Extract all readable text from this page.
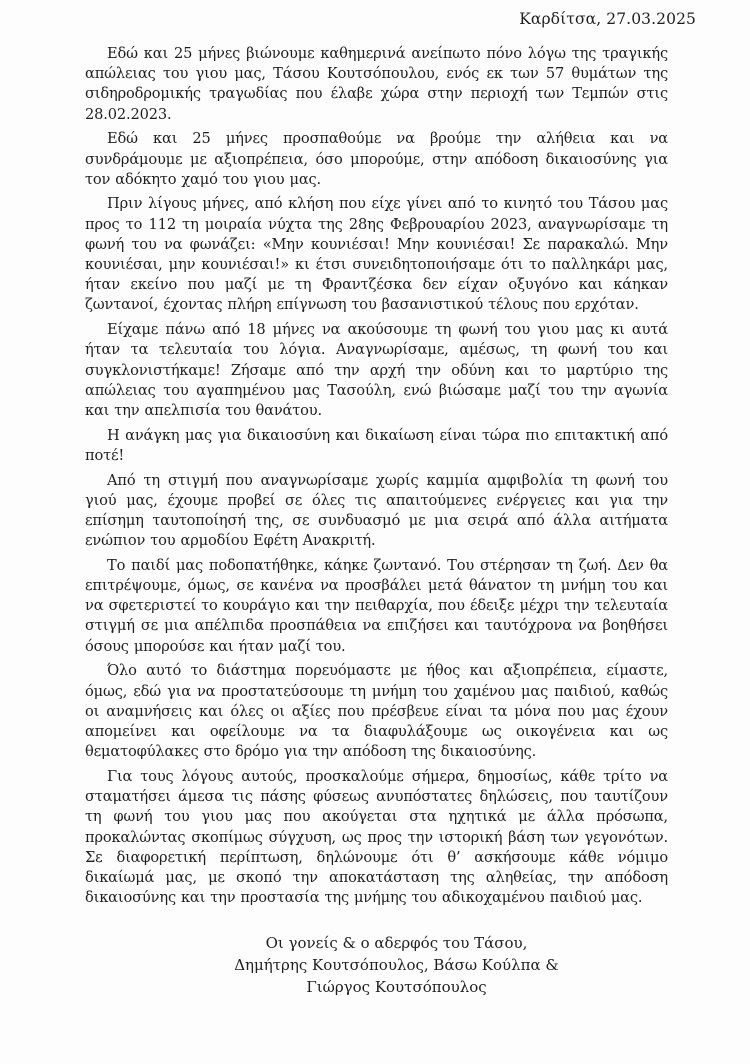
Καρδίτσα, 27.03.2025

Εδώ και 25 μήνες βιώνουμε καθημερινά ανείπωτο πόνο λόγω της τραγικής απώλειας του γιου μας, Τάσου Κουτσόπουλου, ενός εκ των 57 θυμάτων της σιδηροδρομικής τραγωδίας που έλαβε χώρα στην περιοχή των Τεμπών στις 28.02.2023.

Εδώ και 25 μήνες προσπαθούμε να βρούμε την αλήθεια και να συνδράμουμε με αξιοπρέπεια, όσο μπορούμε, στην απόδοση δικαιοσύνης για τον αδόκητο χαμό του γιου μας.

Πριν λίγους μήνες, από κλήση που είχε γίνει από το κινητό του Τάσου μας προς το 112 τη μοιραία νύχτα της 28ης Φεβρουαρίου 2023, αναγνωρίσαμε τη φωνή του να φωνάζει: «Μην κουνιέσαι! Μην κουνιέσαι! Σε παρακαλώ. Μην κουνιέσαι, μην κουνιέσαι!» κι έτσι συνειδητοποιήσαμε ότι το παλληκάρι μας, ήταν εκείνο που μαζί με τη Φραντζέσκα δεν είχαν οξυγόνο και κάηκαν ζωντανοί, έχοντας πλήρη επίγνωση του βασανιστικού τέλους που ερχόταν.

Είχαμε πάνω από 18 μήνες να ακούσουμε τη φωνή του γιου μας κι αυτά ήταν τα τελευταία του λόγια. Αναγνωρίσαμε, αμέσως, τη φωνή του και συγκλονιστήκαμε! Ζήσαμε από την αρχή την οδύνη και το μαρτύριο της απώλειας του αγαπημένου μας Τασούλη, ενώ βιώσαμε μαζί του την αγωνία και την απελπισία του θανάτου.

Η ανάγκη μας για δικαιοσύνη και δικαίωση είναι τώρα πιο επιτακτική από ποτέ!

Από τη στιγμή που αναγνωρίσαμε χωρίς καμμία αμφιβολία τη φωνή του γιού μας, έχουμε προβεί σε όλες τις απαιτούμενες ενέργειες και για την επίσημη ταυτοποίησή της, σε συνδυασμό με μια σειρά από άλλα αιτήματα ενώπιον του αρμοδίου Εφέτη Ανακριτή.

Το παιδί μας ποδοπατήθηκε, κάηκε ζωντανό. Του στέρησαν τη ζωή. Δεν θα επιτρέψουμε, όμως, σε κανένα να προσβάλει μετά θάνατον τη μνήμη του και να σφετεριστεί το κουράγιο και την πειθαρχία, που έδειξε μέχρι την τελευταία στιγμή σε μια απέλπιδα προσπάθεια να επιζήσει και ταυτόχρονα να βοηθήσει όσους μπορούσε και ήταν μαζί του.

Όλο αυτό το διάστημα πορευόμαστε με ήθος και αξιοπρέπεια, είμαστε, όμως, εδώ για να προστατεύσουμε τη μνήμη του χαμένου μας παιδιού, καθώς οι αναμνήσεις και όλες οι αξίες που πρέσβευε είναι τα μόνα που μας έχουν απομείνει και οφείλουμε να τα διαφυλάξουμε ως οικογένεια και ως θεματοφύλακες στο δρόμο για την απόδοση της δικαιοσύνης.

Για τους λόγους αυτούς, προσκαλούμε σήμερα, δημοσίως, κάθε τρίτο να σταματήσει άμεσα τις πάσης φύσεως ανυπόστατες δηλώσεις, που ταυτίζουν τη φωνή του γιου μας που ακούγεται στα ηχητικά με άλλα πρόσωπα, προκαλώντας σκοπίμως σύγχυση, ως προς την ιστορική βάση των γεγονότων. Σε διαφορετική περίπτωση, δηλώνουμε ότι θ’ ασκήσουμε κάθε νόμιμο δικαίωμά μας, με σκοπό την αποκατάσταση της αληθείας, την απόδοση δικαιοσύνης και την προστασία της μνήμης του αδικοχαμένου παιδιού μας.

Οι γονείς & ο αδερφός του Τάσου,
Δημήτρης Κουτσόπουλος, Βάσω Κούλπα &
Γιώργος Κουτσόπουλος
